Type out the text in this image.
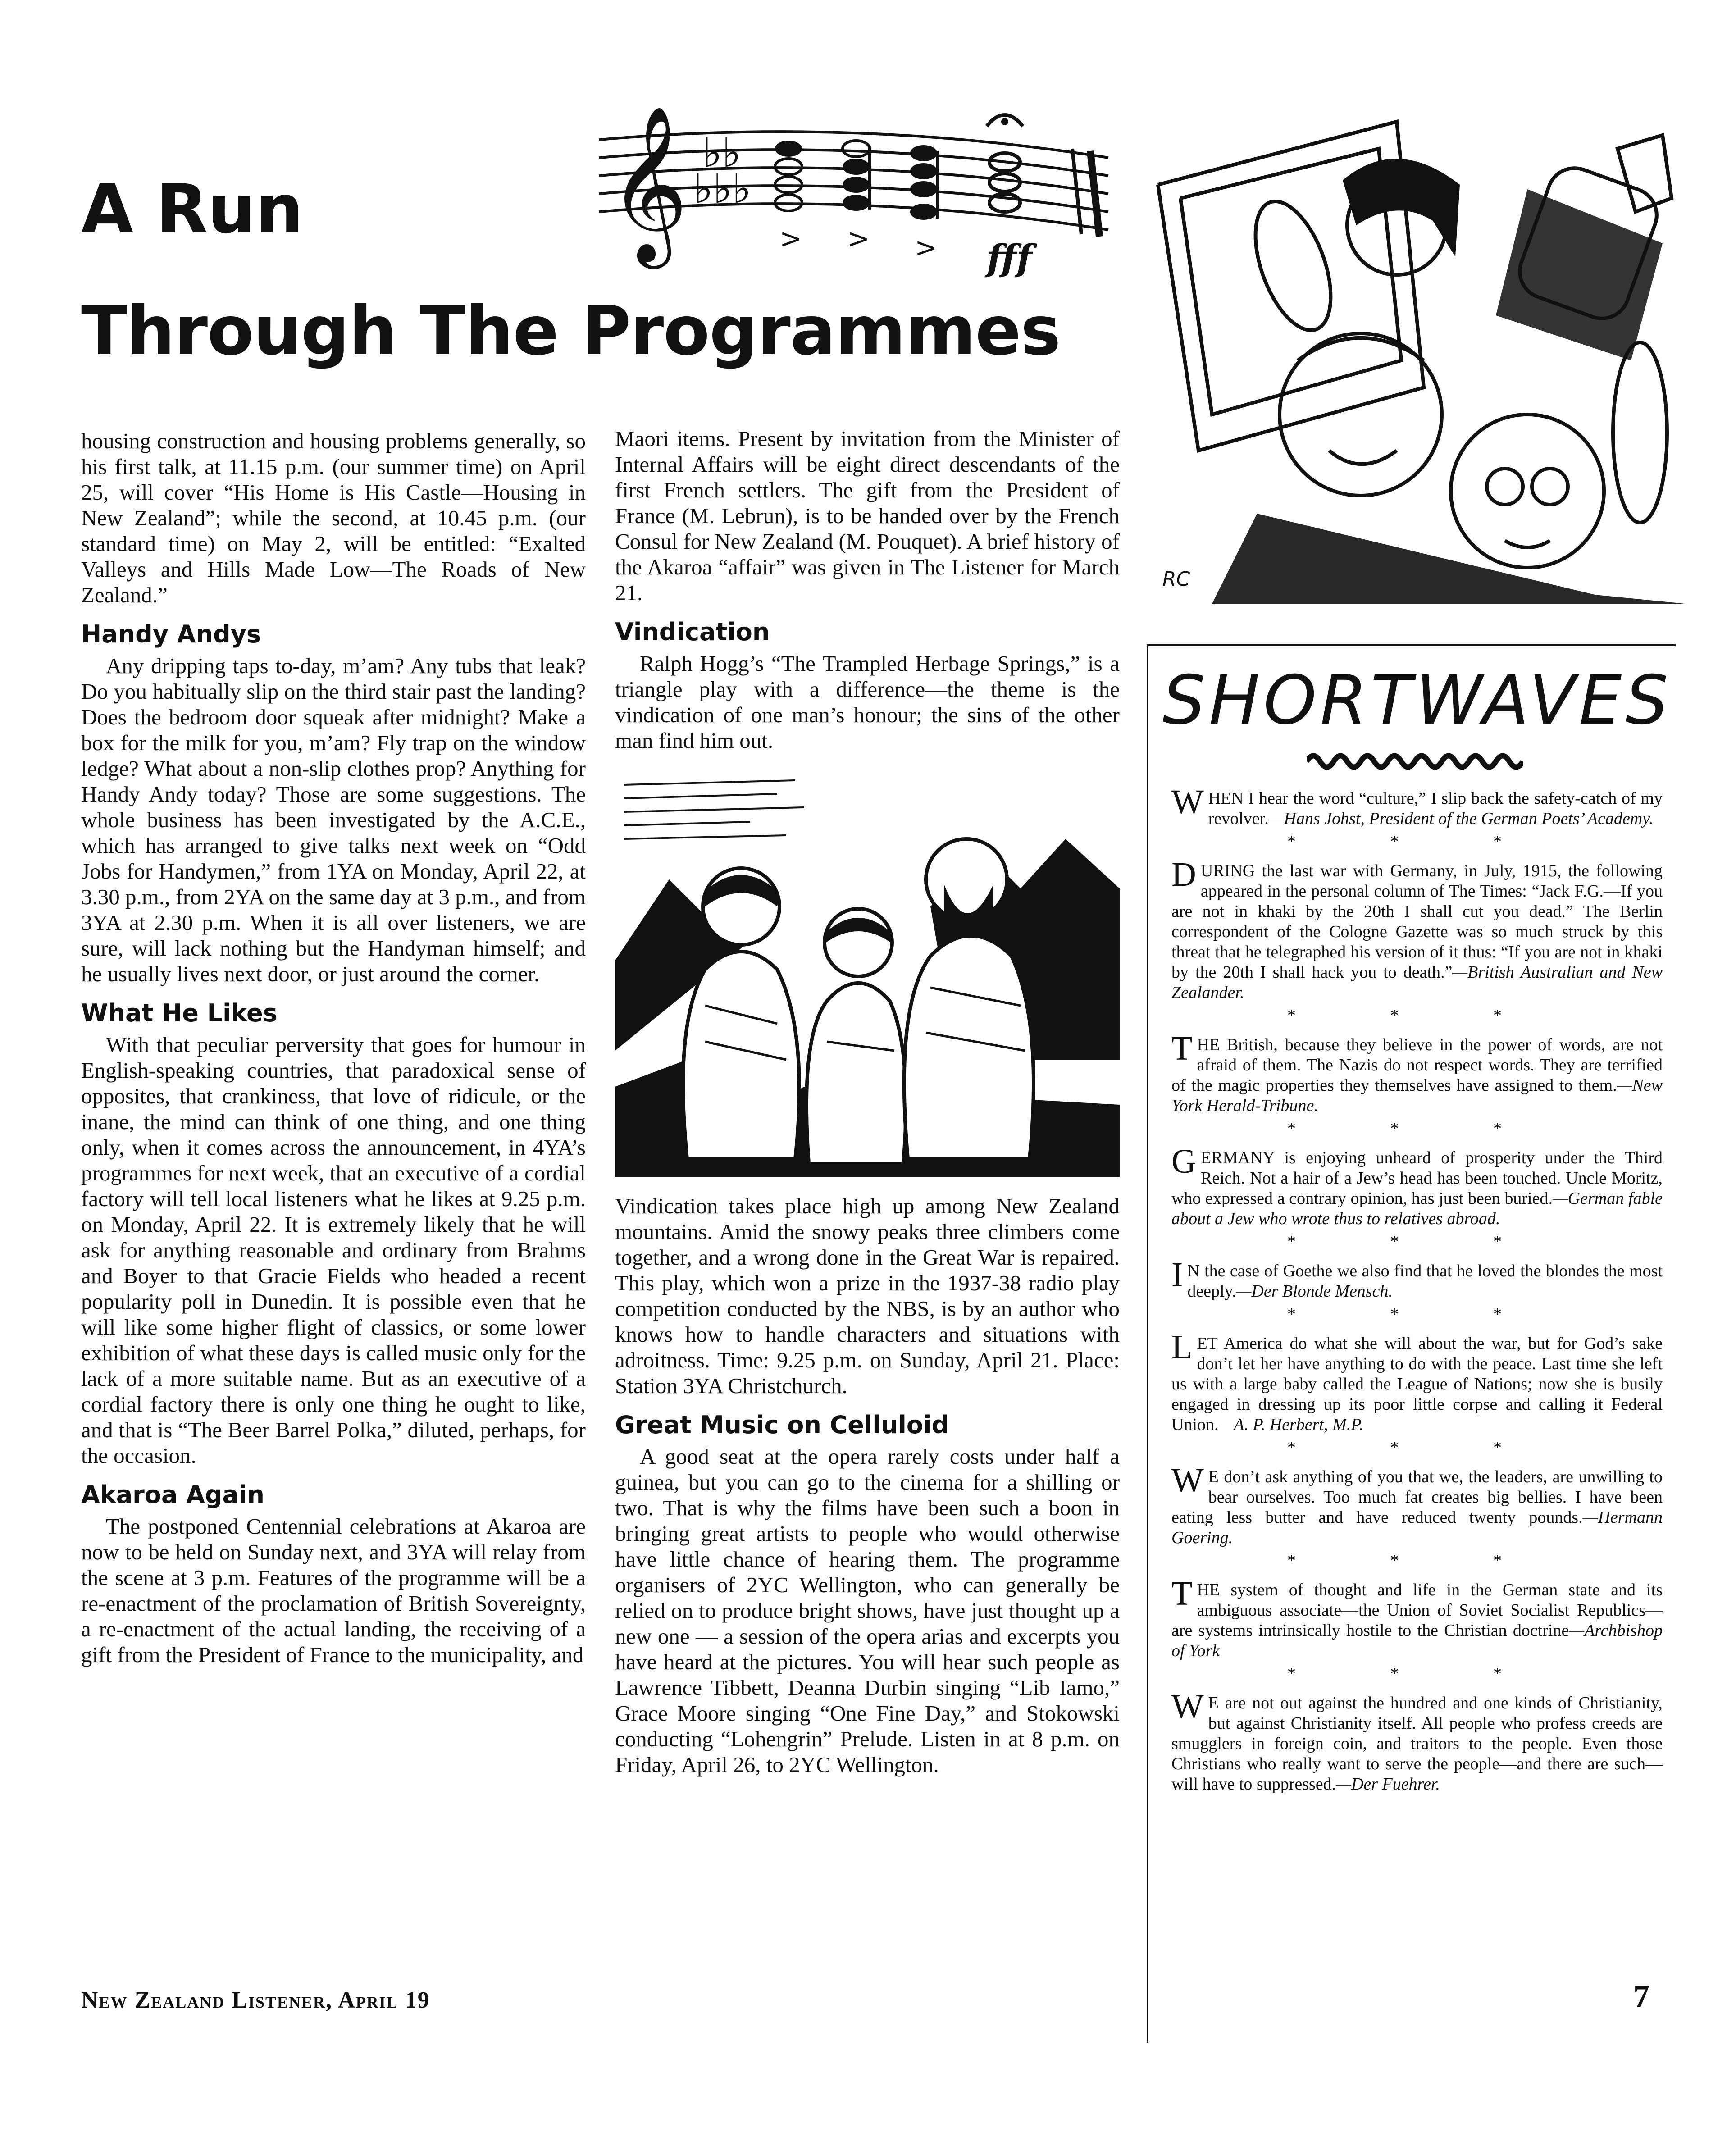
A Run
Through The Programmes
𝄞 ♭♭
♭♭♭
> > > fff
RC

housing construction and housing problems generally, so his first talk, at 11.15 p.m. (our summer time) on April 25, will cover “His Home is His Castle—Housing in New Zealand”; while the second, at 10.45 p.m. (our standard time) on May 2, will be entitled: “Exalted Valleys and Hills Made Low—The Roads of New Zealand.”

Handy Andys

Any dripping taps to-day, m’am? Any tubs that leak? Do you habitually slip on the third stair past the landing? Does the bedroom door squeak after midnight? Make a box for the milk for you, m’am? Fly trap on the window ledge? What about a non-slip clothes prop? Anything for Handy Andy today? Those are some suggestions. The whole business has been investigated by the A.C.E., which has arranged to give talks next week on “Odd Jobs for Handymen,” from 1YA on Monday, April 22, at 3.30 p.m., from 2YA on the same day at 3 p.m., and from 3YA at 2.30 p.m. When it is all over listeners, we are sure, will lack nothing but the Handyman himself; and he usually lives next door, or just around the corner.

What He Likes

With that peculiar perversity that goes for humour in English-speaking countries, that paradoxical sense of opposites, that crankiness, that love of ridicule, or the inane, the mind can think of one thing, and one thing only, when it comes across the announcement, in 4YA’s programmes for next week, that an executive of a cordial factory will tell local listeners what he likes at 9.25 p.m. on Monday, April 22. It is extremely likely that he will ask for anything reasonable and ordinary from Brahms and Boyer to that Gracie Fields who headed a recent popularity poll in Dunedin. It is possible even that he will like some higher flight of classics, or some lower exhibition of what these days is called music only for the lack of a more suitable name. But as an executive of a cordial factory there is only one thing he ought to like, and that is “The Beer Barrel Polka,” diluted, perhaps, for the occasion.

Akaroa Again

The postponed Centennial celebrations at Akaroa are now to be held on Sunday next, and 3YA will relay from the scene at 3 p.m. Features of the programme will be a re-enactment of the proclamation of British Sovereignty, a re-enactment of the actual landing, the receiving of a gift from the President of France to the municipality, and

Maori items. Present by invitation from the Minister of Internal Affairs will be eight direct descendants of the first French settlers. The gift from the President of France (M. Lebrun), is to be handed over by the French Consul for New Zealand (M. Pouquet). A brief history of the Akaroa “affair” was given in The Listener for March 21.

Vindication

Ralph Hogg’s “The Trampled Herbage Springs,” is a triangle play with a difference—the theme is the vindication of one man’s honour; the sins of the other man find him out.

Vindication takes place high up among New Zealand mountains. Amid the snowy peaks three climbers come together, and a wrong done in the Great War is repaired. This play, which won a prize in the 1937-38 radio play competition conducted by the NBS, is by an author who knows how to handle characters and situations with adroitness. Time: 9.25 p.m. on Sunday, April 21. Place: Station 3YA Christchurch.

Great Music on Celluloid

A good seat at the opera rarely costs under half a guinea, but you can go to the cinema for a shilling or two. That is why the films have been such a boon in bringing great artists to people who would otherwise have little chance of hearing them. The programme organisers of 2YC Wellington, who can generally be relied on to produce bright shows, have just thought up a new one — a session of the opera arias and excerpts you have heard at the pictures. You will hear such people as Lawrence Tibbett, Deanna Durbin singing “Lib Iamo,” Grace Moore singing “One Fine Day,” and Stokowski conducting “Lohengrin” Prelude. Listen in at 8 p.m. on Friday, April 26, to 2YC Wellington.

SHORTWAVES

WHEN I hear the word “culture,” I slip back the safety-catch of my revolver.—Hans Johst, President of the German Poets’ Academy.

* * *

DURING the last war with Germany, in July, 1915, the following appeared in the personal column of The Times: “Jack F.G.—If you are not in khaki by the 20th I shall cut you dead.” The Berlin correspondent of the Cologne Gazette was so much struck by this threat that he telegraphed his version of it thus: “If you are not in khaki by the 20th I shall hack you to death.”—British Australian and New Zealander.

* * *

THE British, because they believe in the power of words, are not afraid of them. The Nazis do not respect words. They are terrified of the magic properties they themselves have assigned to them.—New York Herald-Tribune.

* * *

GERMANY is enjoying unheard of prosperity under the Third Reich. Not a hair of a Jew’s head has been touched. Uncle Moritz, who expressed a contrary opinion, has just been buried.—German fable about a Jew who wrote thus to relatives abroad.

* * *

I N the case of Goethe we also find that he loved the blondes the most deeply.—Der Blonde Mensch.

* * *

LET America do what she will about the war, but for God’s sake don’t let her have anything to do with the peace. Last time she left us with a large baby called the League of Nations; now she is busily engaged in dressing up its poor little corpse and calling it Federal Union.—A. P. Herbert, M.P.

* * *

W E don’t ask anything of you that we, the leaders, are unwilling to bear ourselves. Too much fat creates big bellies. I have been eating less butter and have reduced twenty pounds.—Hermann Goering.

* * *

THE system of thought and life in the German state and its ambiguous associate—the Union of Soviet Socialist Republics—are systems intrinsically hostile to the Christian doctrine—Archbishop of York

* * *

W E are not out against the hundred and one kinds of Christianity, but against Christianity itself. All people who profess creeds are smugglers in foreign coin, and traitors to the people. Even those Christians who really want to serve the people—and there are such—will have to suppressed.—Der Fuehrer.

New Zealand Listener, April 19	7
